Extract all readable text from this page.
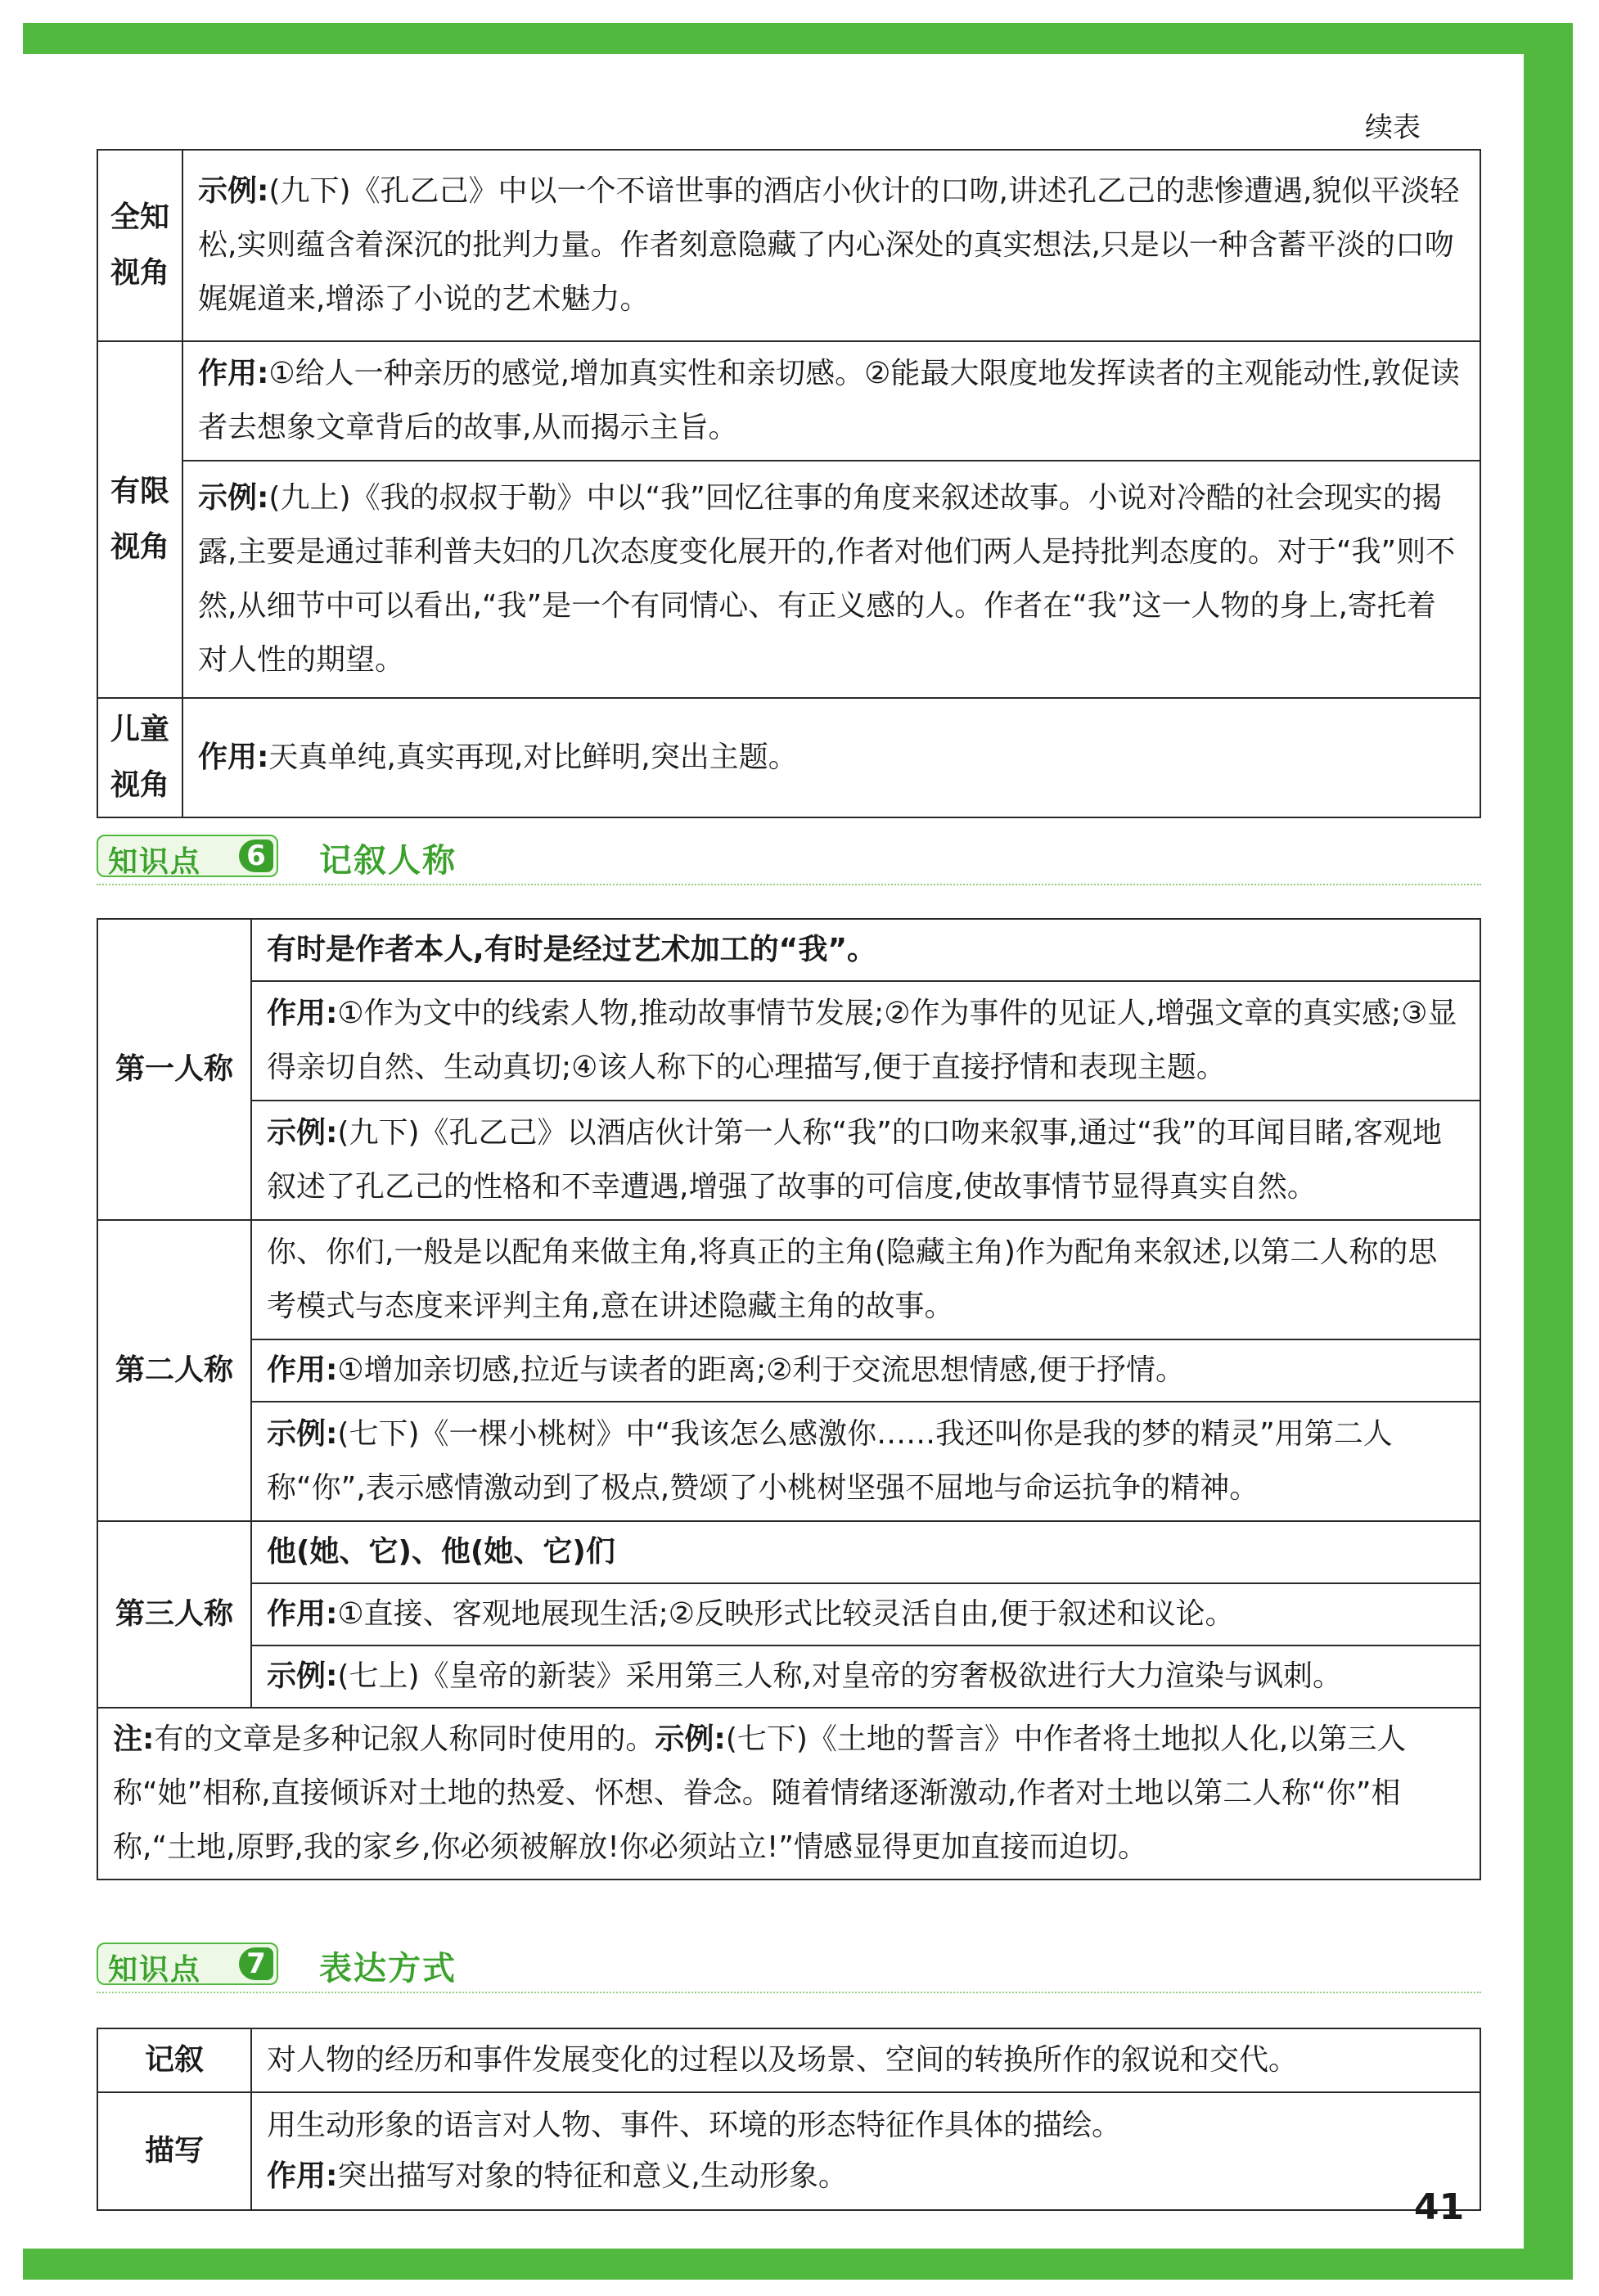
续表
全知视角	示例:(九下)《孔乙己》中以一个不谙世事的酒店小伙计的口吻,讲述孔乙己的悲惨遭遇,貌似平淡轻松,实则蕴含着深沉的批判力量。作者刻意隐藏了内心深处的真实想法,只是以一种含蓄平淡的口吻娓娓道来,增添了小说的艺术魅力。
有限视角	作用:①给人一种亲历的感觉,增加真实性和亲切感。②能最大限度地发挥读者的主观能动性,敦促读者去想象文章背后的故事,从而揭示主旨。
	示例:(九上)《我的叔叔于勒》中以“我”回忆往事的角度来叙述故事。小说对冷酷的社会现实的揭露,主要是通过菲利普夫妇的几次态度变化展开的,作者对他们两人是持批判态度的。对于“我”则不然,从细节中可以看出,“我”是一个有同情心、有正义感的人。作者在“我”这一人物的身上,寄托着对人性的期望。
儿童视角	作用:天真单纯,真实再现,对比鲜明,突出主题。
知识点 6 记叙人称
第一人称	有时是作者本人,有时是经过艺术加工的“我”。
	作用:①作为文中的线索人物,推动故事情节发展;②作为事件的见证人,增强文章的真实感;③显得亲切自然、生动真切;④该人称下的心理描写,便于直接抒情和表现主题。
	示例:(九下)《孔乙己》以酒店伙计第一人称“我”的口吻来叙事,通过“我”的耳闻目睹,客观地叙述了孔乙己的性格和不幸遭遇,增强了故事的可信度,使故事情节显得真实自然。
第二人称	你、你们,一般是以配角来做主角,将真正的主角(隐藏主角)作为配角来叙述,以第二人称的思考模式与态度来评判主角,意在讲述隐藏主角的故事。
	作用:①增加亲切感,拉近与读者的距离;②利于交流思想情感,便于抒情。
	示例:(七下)《一棵小桃树》中“我该怎么感激你……我还叫你是我的梦的精灵”用第二人称“你”,表示感情激动到了极点,赞颂了小桃树坚强不屈地与命运抗争的精神。
第三人称	他(她、它)、他(她、它)们
	作用:①直接、客观地展现生活;②反映形式比较灵活自由,便于叙述和议论。
	示例:(七上)《皇帝的新装》采用第三人称,对皇帝的穷奢极欲进行大力渲染与讽刺。
注:有的文章是多种记叙人称同时使用的。示例:(七下)《土地的誓言》中作者将土地拟人化,以第三人称“她”相称,直接倾诉对土地的热爱、怀想、眷念。随着情绪逐渐激动,作者对土地以第二人称“你”相称,“土地,原野,我的家乡,你必须被解放!你必须站立!”情感显得更加直接而迫切。	
知识点 7 表达方式
记叙	对人物的经历和事件发展变化的过程以及场景、空间的转换所作的叙说和交代。
描写	用生动形象的语言对人物、事件、环境的形态特征作具体的描绘。
作用:突出描写对象的特征和意义,生动形象。
41
